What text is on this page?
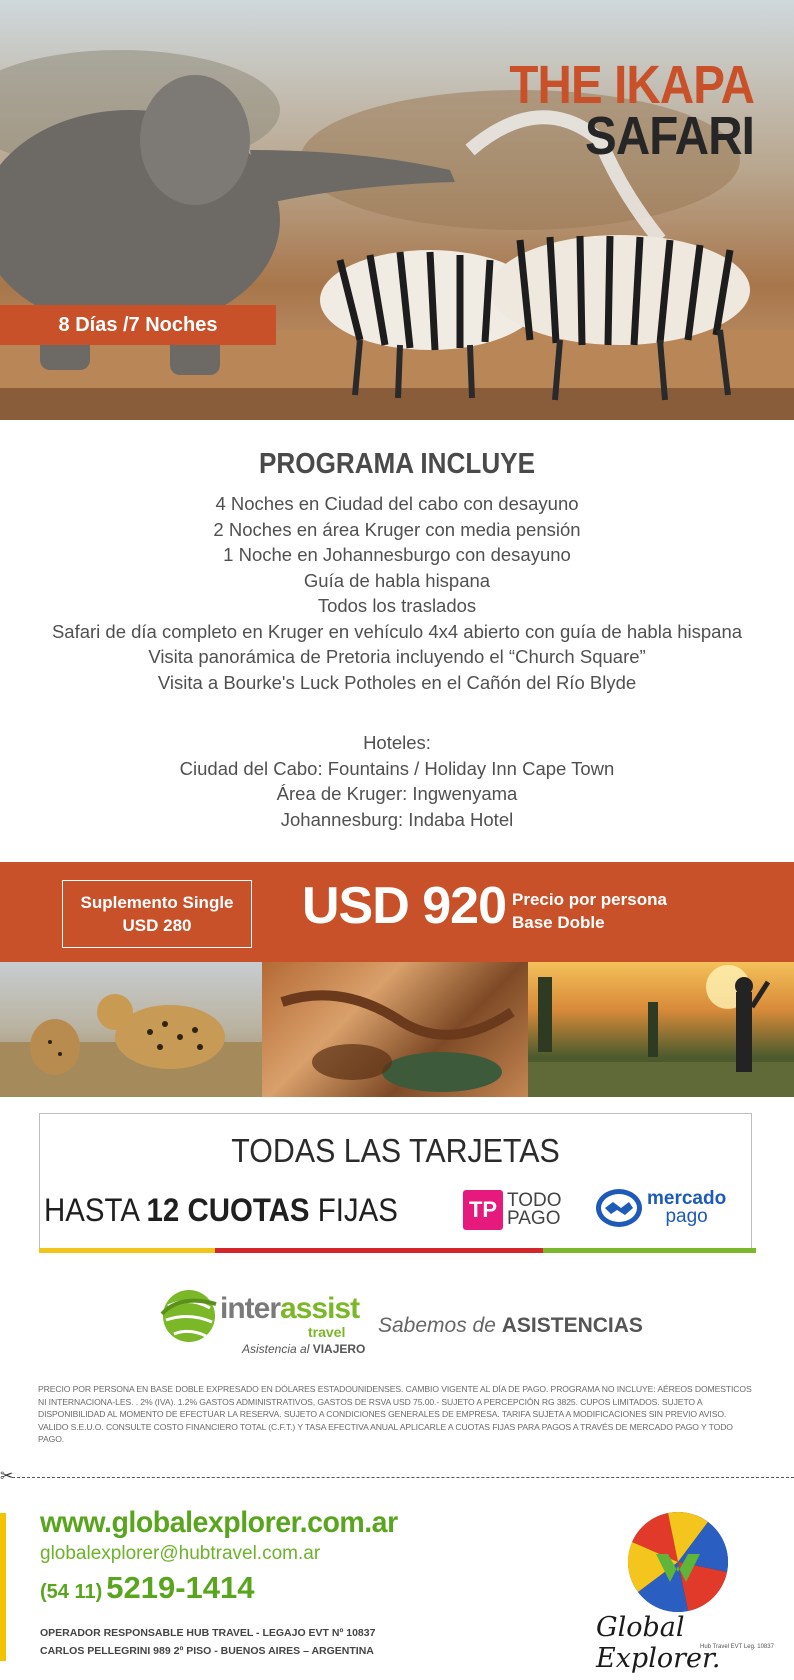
THE IKAPA
SAFARI
8 Días /7 Noches
PROGRAMA INCLUYE
4 Noches en Ciudad del cabo con desayuno
2 Noches en área Kruger con media pensión
1 Noche en Johannesburgo con desayuno
Guía de habla hispana
Todos los traslados
Safari de día completo en Kruger en vehículo 4x4 abierto con guía de habla hispana
Visita panorámica de Pretoria incluyendo el “Church Square”
Visita a Bourke's Luck Potholes en el Cañón del Río Blyde
Hoteles:
Ciudad del Cabo: Fountains / Holiday Inn Cape Town
Área de Kruger: Ingwenyama
Johannesburg: Indaba Hotel
Suplemento Single
USD 280	USD 920 Precio por persona
Base Doble
TODAS LAS TARJETAS
HASTA 12 CUOTAS FIJAS	TP TODO
PAGO
mercado
pago
interassist
travel
Asistencia al VIAJERO
Sabemos de ASISTENCIAS
PRECIO POR PERSONA EN BASE DOBLE EXPRESADO EN DÓLARES ESTADOUNIDENSES. CAMBIO VIGENTE AL DÍA DE PAGO. PROGRAMA NO INCLUYE: AÉREOS DOMESTICOS NI INTERNACIONA-LES. . 2% (IVA). 1.2% GASTOS ADMINISTRATIVOS, GASTOS DE RSVA USD 75.00.- SUJETO A PERCEPCIÓN RG 3825. CUPOS LIMITADOS. SUJETO A DISPONIBILIDAD AL MOMENTO DE EFECTUAR LA RESERVA. SUJETO A CONDICIONES GENERALES DE EMPRESA. TARIFA SUJETA A MODIFICACIONES SIN PREVIO AVISO. VALIDO S.E.U.O. CONSULTE COSTO FINANCIERO TOTAL (C.F.T.) Y TASA EFECTIVA ANUAL APLICARLE A CUOTAS FIJAS PARA PAGOS A TRAVÉS DE MERCADO PAGO Y TODO PAGO.
✂
www.globalexplorer.com.ar
globalexplorer@hubtravel.com.ar
(54 11) 5219-1414
OPERADOR RESPONSABLE HUB TRAVEL - LEGAJO EVT Nº 10837
CARLOS PELLEGRINI 989 2º PISO - BUENOS AIRES – ARGENTINA
Global Explorer.
Hub Travel EVT Leg. 10837
